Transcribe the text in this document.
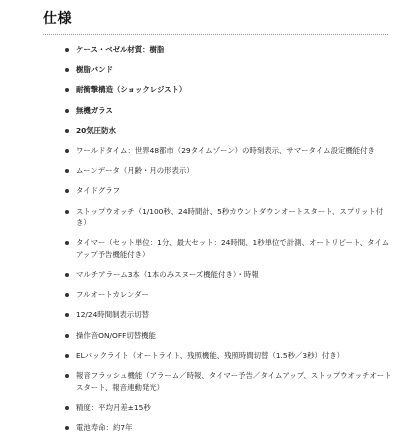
仕様
ケース・ベゼル材質：樹脂
樹脂バンド
耐衝撃構造（ショックレジスト）
無機ガラス
20気圧防水
ワールドタイム：世界48都市（29タイムゾーン）の時刻表示、サマータイム設定機能付き
ムーンデータ（月齢・月の形表示）
タイドグラフ
ストップウオッチ（1/100秒、24時間計、5秒カウントダウンオートスタート、スプリット付き）
タイマー（セット単位：1分、最大セット：24時間、1秒単位で計測、オートリピート、タイムアップ予告機能付き）
マルチアラーム3本（1本のみスヌーズ機能付き）・時報
フルオートカレンダー
12/24時間制表示切替
操作音ON/OFF切替機能
ELバックライト（オートライト、残照機能、残照時間切替（1.5秒／3秒）付き）
報音フラッシュ機能（アラーム／時報、タイマー予告／タイムアップ、ストップウオッチオートスタート、報音連動発光）
精度：平均月差±15秒
電池寿命：約7年
